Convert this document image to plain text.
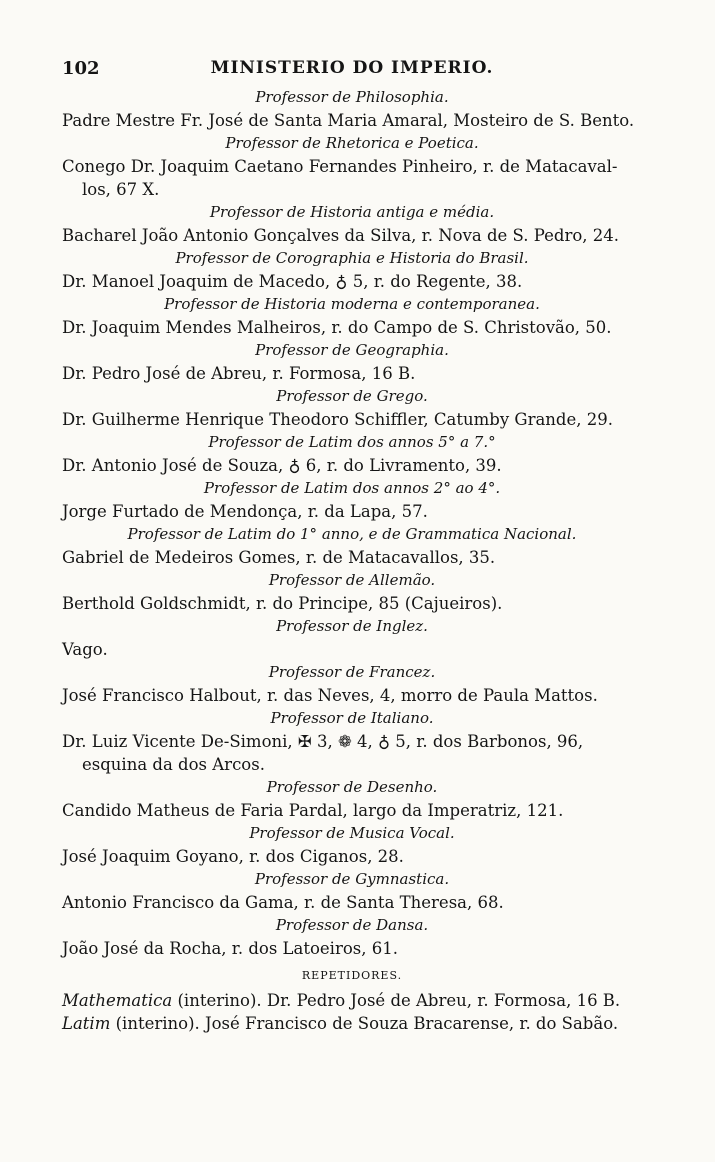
102	MINISTERIO DO IMPERIO.
Professor de Philosophia.
Padre Mestre Fr. José de Santa Maria Amaral, Mosteiro de S. Bento.
Professor de Rhetorica e Poetica.
Conego Dr. Joaquim Caetano Fernandes Pinheiro, r. de Matacaval-
los, 67 X.
Professor de Historia antiga e média.
Bacharel João Antonio Gonçalves da Silva, r. Nova de S. Pedro, 24.
Professor de Corographia e Historia do Brasil.
Dr. Manoel Joaquim de Macedo, ♁ 5, r. do Regente, 38.
Professor de Historia moderna e contemporanea.
Dr. Joaquim Mendes Malheiros, r. do Campo de S. Christovão, 50.
Professor de Geographia.
Dr. Pedro José de Abreu, r. Formosa, 16 B.
Professor de Grego.
Dr. Guilherme Henrique Theodoro Schiffler, Catumby Grande, 29.
Professor de Latim dos annos 5° a 7.°
Dr. Antonio José de Souza, ♁ 6, r. do Livramento, 39.
Professor de Latim dos annos 2° ao 4°.
Jorge Furtado de Mendonça, r. da Lapa, 57.
Professor de Latim do 1° anno, e de Grammatica Nacional.
Gabriel de Medeiros Gomes, r. de Matacavallos, 35.
Professor de Allemão.
Berthold Goldschmidt, r. do Principe, 85 (Cajueiros).
Professor de Inglez.
Vago.
Professor de Francez.
José Francisco Halbout, r. das Neves, 4, morro de Paula Mattos.
Professor de Italiano.
Dr. Luiz Vicente De-Simoni, ✠ 3, ❁ 4, ♁ 5, r. dos Barbonos, 96,
esquina da dos Arcos.
Professor de Desenho.
Candido Matheus de Faria Pardal, largo da Imperatriz, 121.
Professor de Musica Vocal.
José Joaquim Goyano, r. dos Ciganos, 28.
Professor de Gymnastica.
Antonio Francisco da Gama, r. de Santa Theresa, 68.
Professor de Dansa.
João José da Rocha, r. dos Latoeiros, 61.
REPETIDORES.
Mathematica (interino). Dr. Pedro José de Abreu, r. Formosa, 16 B.
Latim (interino). José Francisco de Souza Bracarense, r. do Sabão.
